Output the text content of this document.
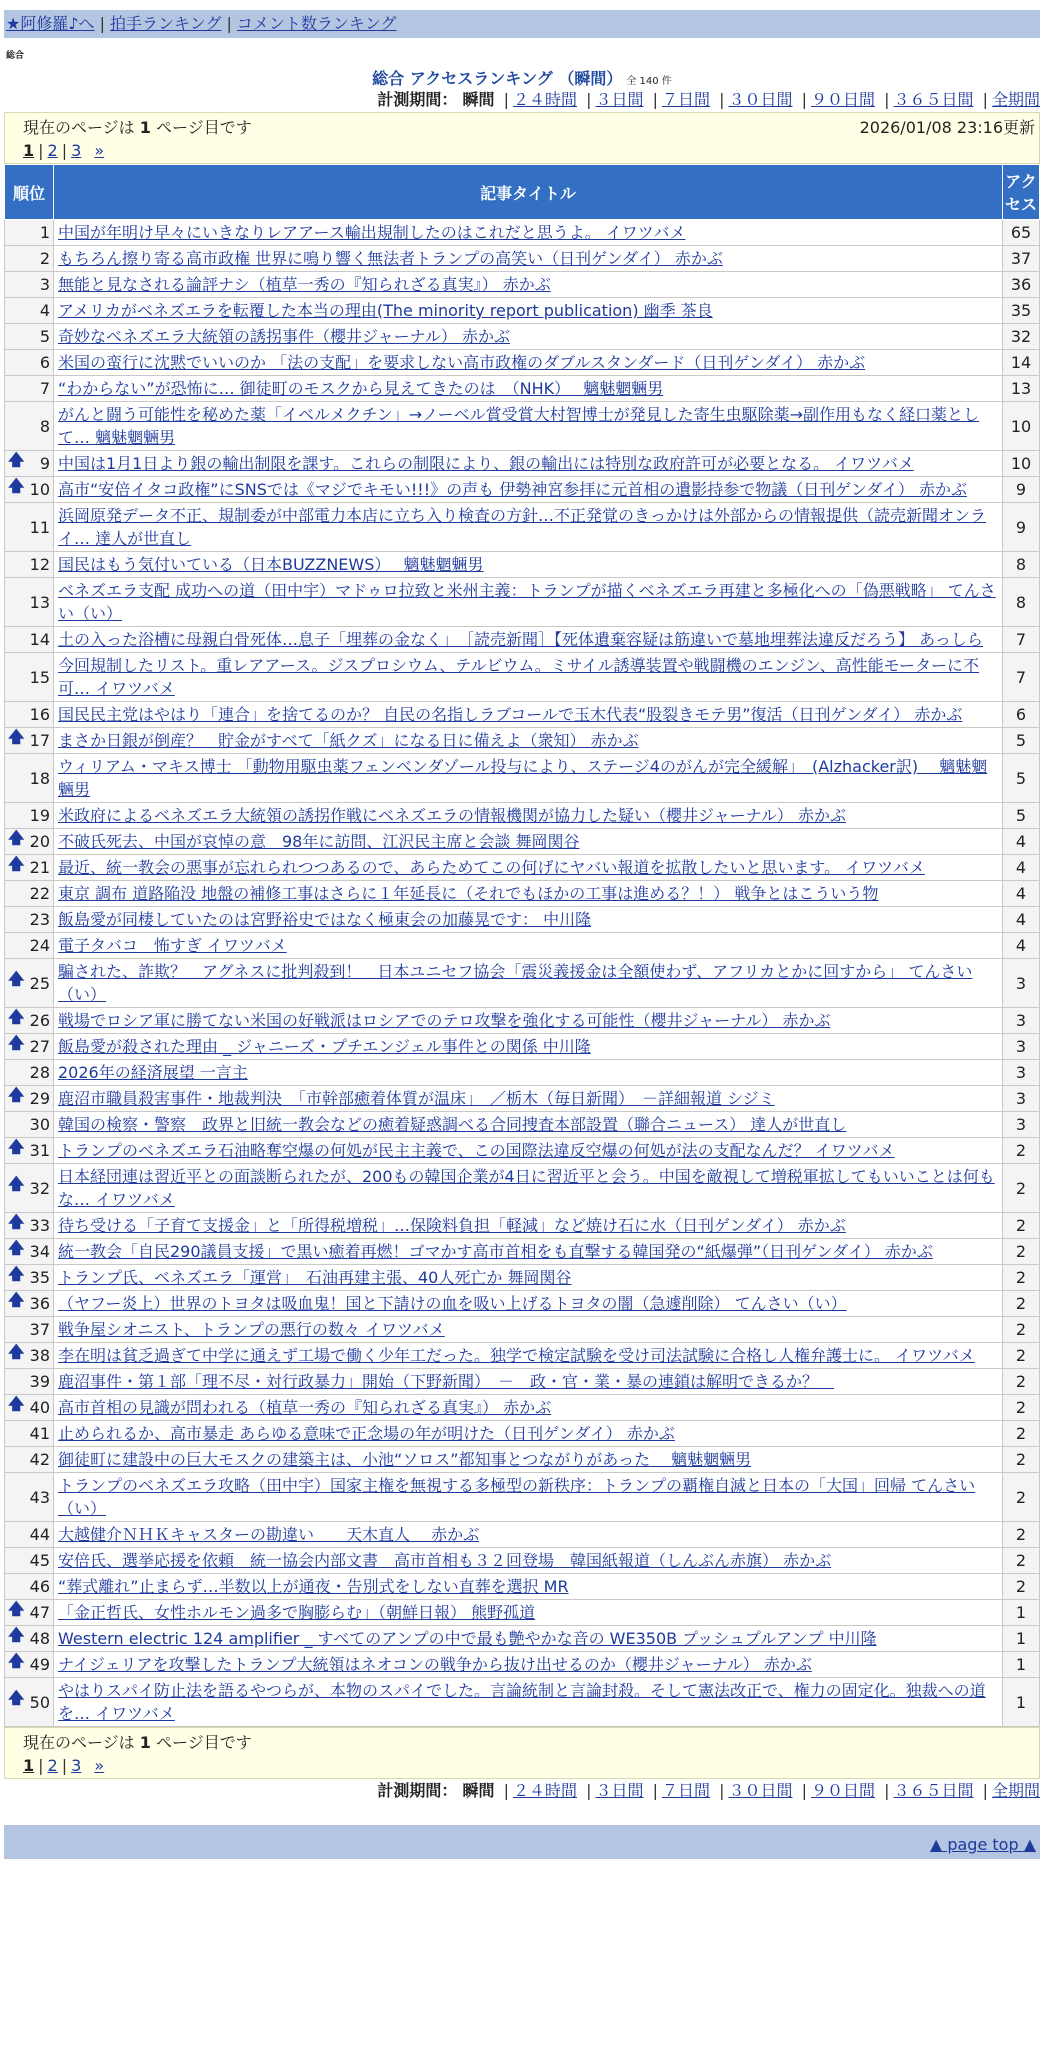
★阿修羅♪へ | 拍手ランキング | コメント数ランキング
総合
総合 アクセスランキング （瞬間） 全 140 件
計測期間： 瞬間 | ２４時間 | ３日間 | ７日間 | ３０日間 | ９０日間 | ３６５日間 | 全期間
現在のページは 1 ページ目です	2026/01/08 23:16更新
1 | 2 | 3 »
順位	記事タイトル	アクセス
1	中国が年明け早々にいきなりレアアース輸出規制したのはこれだと思うよ。 イワツバメ	65
2	もちろん擦り寄る高市政権 世界に鳴り響く無法者トランプの高笑い（日刊ゲンダイ） 赤かぶ	37
3	無能と見なされる論評ナシ（植草一秀の『知られざる真実』） 赤かぶ	36
4	アメリカがベネズエラを転覆した本当の理由(The minority report publication) 幽季 茶良	35
5	奇妙なベネズエラ大統領の誘拐事件（櫻井ジャーナル） 赤かぶ	32
6	米国の蛮行に沈黙でいいのか 「法の支配」を要求しない高市政権のダブルスタンダード（日刊ゲンダイ） 赤かぶ	14
7	“わからない”が恐怖に… 御徒町のモスクから見えてきたのは　（NHK）　 魑魅魍魎男	13
8	がんと闘う可能性を秘めた薬「イベルメクチン」→ノーベル賞受賞大村智博士が発見した寄生虫駆除薬→副作用もなく経口薬として… 魑魅魍魎男	10

🡅 9	中国は1月1日より銀の輸出制限を課す。これらの制限により、銀の輸出には特別な政府許可が必要となる。 イワツバメ	10

🡅 10	高市“安倍イタコ政権”にSNSでは《マジでキモい!!!》の声も 伊勢神宮参拝に元首相の遺影持参で物議（日刊ゲンダイ） 赤かぶ	9
11	浜岡原発データ不正、規制委が中部電力本店に立ち入り検査の方針…不正発覚のきっかけは外部からの情報提供（読売新聞オンライ… 達人が世直し	9
12	国民はもう気付いている（日本BUZZNEWS）　 魑魅魍魎男	8
13	ベネズエラ支配 成功への道（田中宇）マドゥロ拉致と米州主義：トランプが描くベネズエラ再建と多極化への「偽悪戦略」 てんさい（い）	8
14	土の入った浴槽に母親白骨死体…息子「埋葬の金なく」　［読売新聞］【死体遺棄容疑は筋違いで墓地埋葬法違反だろう】 あっしら	7
15	今回規制したリスト。重レアアース。ジスプロシウム、テルビウム。ミサイル誘導装置や戦闘機のエンジン、高性能モーターに不可… イワツバメ	7
16	国民民主党はやはり「連合」を捨てるのか？ 自民の名指しラブコールで玉木代表“股裂きモテ男”復活（日刊ゲンダイ） 赤かぶ	6

🡅 17	まさか日銀が倒産？　貯金がすべて「紙クズ」になる日に備えよ（衆知） 赤かぶ	5
18	ウィリアム・マキス博士 「動物用駆虫薬フェンベンダゾール投与により、ステージ4のがんが完全緩解」　(Alzhacker訳)　 魑魅魍魎男	5
19	米政府によるベネズエラ大統領の誘拐作戦にベネズエラの情報機関が協力した疑い（櫻井ジャーナル） 赤かぶ	5

🡅 20	不破氏死去、中国が哀悼の意　98年に訪問、江沢民主席と会談 舞岡関谷	4

🡅 21	最近、統一教会の悪事が忘れられつつあるので、あらためてこの何げにヤバい報道を拡散したいと思います。 イワツバメ	4
22	東京 調布 道路陥没 地盤の補修工事はさらに１年延長に（それでもほかの工事は進める？！） 戦争とはこういう物	4
23	飯島愛が同棲していたのは宮野裕史ではなく極東会の加藤晃です： 中川隆	4
24	電子タバコ　怖すぎ イワツバメ	4

🡅 25	騙された、詐欺？　アグネスに批判殺到！　日本ユニセフ協会「震災義援金は全額使わず、アフリカとかに回すから」 てんさい（い）	3

🡅 26	戦場でロシア軍に勝てない米国の好戦派はロシアでのテロ攻撃を強化する可能性（櫻井ジャーナル） 赤かぶ	3

🡅 27	飯島愛が殺された理由 _ ジャニーズ・プチエンジェル事件との関係 中川隆	3
28	2026年の経済展望 一言主	3

🡅 29	鹿沼市職員殺害事件・地裁判決　「市幹部癒着体質が温床」　／栃木（毎日新聞）　－詳細報道 シジミ	3
30	韓国の検察・警察　政界と旧統一教会などの癒着疑惑調べる合同捜査本部設置（聯合ニュース） 達人が世直し	3

🡅 31	トランプのベネズエラ石油略奪空爆の何処が民主主義で、この国際法違反空爆の何処が法の支配なんだ？ イワツバメ	2

🡅 32	日本経団連は習近平との面談断られたが、200もの韓国企業が4日に習近平と会う。中国を敵視して増税軍拡してもいいことは何もな… イワツバメ	2

🡅 33	待ち受ける「子育て支援金」と「所得税増税」…保険料負担「軽減」など焼け石に水（日刊ゲンダイ） 赤かぶ	2

🡅 34	統一教会「自民290議員支援」で黒い癒着再燃！ゴマかす高市首相をも直撃する韓国発の“紙爆弾”（日刊ゲンダイ） 赤かぶ	2

🡅 35	トランプ氏、ベネズエラ「運営」　石油再建主張、40人死亡か 舞岡関谷	2

🡅 36	（ヤフー炎上）世界のトヨタは吸血鬼！国と下請けの血を吸い上げるトヨタの闇（急遽削除） てんさい（い）	2
37	戦争屋シオニスト、トランプの悪行の数々 イワツバメ	2

🡅 38	李在明は貧乏過ぎて中学に通えず工場で働く少年工だった。独学で検定試験を受け司法試験に合格し人権弁護士に。 イワツバメ	2
39	鹿沼事件・第１部「理不尽・対行政暴力」開始（下野新聞）　－　政・官・業・暴の連鎖は解明できるか？　	2

🡅 40	高市首相の見識が問われる（植草一秀の『知られざる真実』） 赤かぶ	2
41	止められるか、高市暴走 あらゆる意味で正念場の年が明けた（日刊ゲンダイ） 赤かぶ	2
42	御徒町に建設中の巨大モスクの建築主は、小池“ソロス”都知事とつながりがあった　 魑魅魍魎男	2
43	トランプのベネズエラ攻略（田中宇）国家主権を無視する多極型の新秩序：トランプの覇権自滅と日本の「大国」回帰 てんさい（い）	2
44	大越健介ＮＨＫキャスターの勘違い　　天木直人　 赤かぶ	2
45	安倍氏、選挙応援を依頼　統一協会内部文書　高市首相も３２回登場　韓国紙報道（しんぶん赤旗） 赤かぶ	2
46	“葬式離れ”止まらず…半数以上が通夜・告別式をしない直葬を選択 MR	2

🡅 47	「金正哲氏、女性ホルモン過多で胸膨らむ」（朝鮮日報） 熊野孤道	1

🡅 48	Western electric 124 amplifier _ すべてのアンプの中で最も艶やかな音の WE350B プッシュプルアンプ 中川隆	1

🡅 49	ナイジェリアを攻撃したトランプ大統領はネオコンの戦争から抜け出せるのか（櫻井ジャーナル） 赤かぶ	1

🡅 50	やはりスパイ防止法を語るやつらが、本物のスパイでした。言論統制と言論封殺。そして憲法改正で、権力の固定化。独裁への道を… イワツバメ	1
現在のページは 1 ページ目です
1 | 2 | 3 »
計測期間： 瞬間 | ２４時間 | ３日間 | ７日間 | ３０日間 | ９０日間 | ３６５日間 | 全期間
▲ page top ▲
